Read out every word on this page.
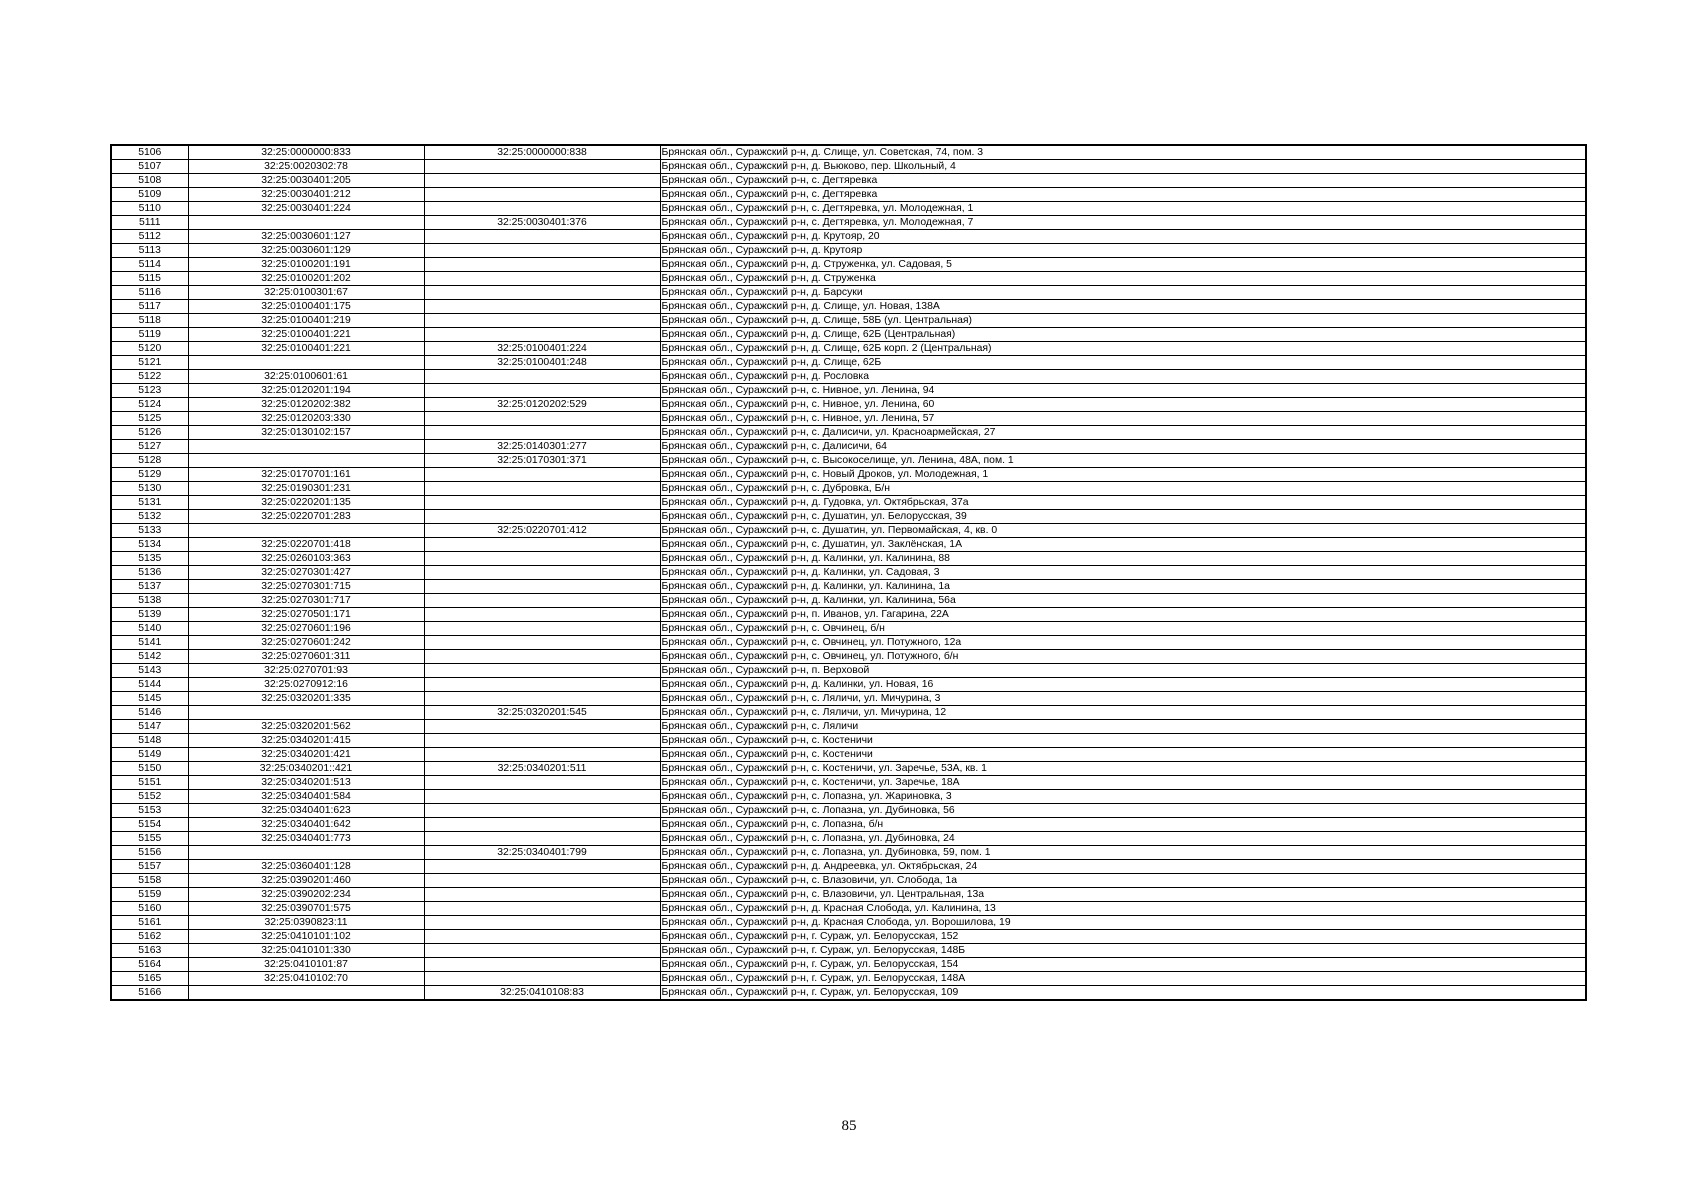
5106	32:25:0000000:833	32:25:0000000:838	Брянская обл., Суражский р-н, д. Слище, ул. Советская, 74, пом. 3
5107	32:25:0020302:78		Брянская обл., Суражский р-н, д. Вьюково, пер. Школьный, 4
5108	32:25:0030401:205		Брянская обл., Суражский р-н, с. Дегтяревка
5109	32:25:0030401:212		Брянская обл., Суражский р-н, с. Дегтяревка
5110	32:25:0030401:224		Брянская обл., Суражский р-н, с. Дегтяревка, ул. Молодежная, 1
5111		32:25:0030401:376	Брянская обл., Суражский р-н, с. Дегтяревка, ул. Молодежная, 7
5112	32:25:0030601:127		Брянская обл., Суражский р-н, д. Крутояр, 20
5113	32:25:0030601:129		Брянская обл., Суражский р-н, д. Крутояр
5114	32:25:0100201:191		Брянская обл., Суражский р-н, д. Струженка, ул. Садовая, 5
5115	32:25:0100201:202		Брянская обл., Суражский р-н, д. Струженка
5116	32:25:0100301:67		Брянская обл., Суражский р-н, д. Барсуки
5117	32:25:0100401:175		Брянская обл., Суражский р-н, д. Слище, ул. Новая, 138А
5118	32:25:0100401:219		Брянская обл., Суражский р-н, д. Слище, 58Б (ул. Центральная)
5119	32:25:0100401:221		Брянская обл., Суражский р-н, д. Слище, 62Б (Центральная)
5120	32:25:0100401:221	32:25:0100401:224	Брянская обл., Суражский р-н, д. Слище, 62Б корп. 2 (Центральная)
5121		32:25:0100401:248	Брянская обл., Суражский р-н, д. Слище, 62Б
5122	32:25:0100601:61		Брянская обл., Суражский р-н, д. Рословка
5123	32:25:0120201:194		Брянская обл., Суражский р-н, с. Нивное, ул. Ленина, 94
5124	32:25:0120202:382	32:25:0120202:529	Брянская обл., Суражский р-н, с. Нивное, ул. Ленина, 60
5125	32:25:0120203:330		Брянская обл., Суражский р-н, с. Нивное, ул. Ленина, 57
5126	32:25:0130102:157		Брянская обл., Суражский р-н, с. Далисичи, ул. Красноармейская, 27
5127		32:25:0140301:277	Брянская обл., Суражский р-н, с. Далисичи, 64
5128		32:25:0170301:371	Брянская обл., Суражский р-н, с. Высокоселище, ул. Ленина, 48А, пом. 1
5129	32:25:0170701:161		Брянская обл., Суражский р-н, с. Новый Дроков, ул. Молодежная, 1
5130	32:25:0190301:231		Брянская обл., Суражский р-н, с. Дубровка, Б/н
5131	32:25:0220201:135		Брянская обл., Суражский р-н, д. Гудовка, ул. Октябрьская, 37а
5132	32:25:0220701:283		Брянская обл., Суражский р-н, с. Душатин, ул. Белорусская, 39
5133		32:25:0220701:412	Брянская обл., Суражский р-н, с. Душатин, ул. Первомайская, 4, кв. 0
5134	32:25:0220701:418		Брянская обл., Суражский р-н, с. Душатин, ул. Заклёнская, 1А
5135	32:25:0260103:363		Брянская обл., Суражский р-н, д. Калинки, ул. Калинина, 88
5136	32:25:0270301:427		Брянская обл., Суражский р-н, д. Калинки, ул. Садовая, 3
5137	32:25:0270301:715		Брянская обл., Суражский р-н, д. Калинки, ул. Калинина, 1а
5138	32:25:0270301:717		Брянская обл., Суражский р-н, д. Калинки, ул. Калинина, 56а
5139	32:25:0270501:171		Брянская обл., Суражский р-н, п. Иванов, ул. Гагарина, 22А
5140	32:25:0270601:196		Брянская обл., Суражский р-н, с. Овчинец, б/н
5141	32:25:0270601:242		Брянская обл., Суражский р-н, с. Овчинец, ул. Потужного, 12а
5142	32:25:0270601:311		Брянская обл., Суражский р-н, с. Овчинец, ул. Потужного, б/н
5143	32:25:0270701:93		Брянская обл., Суражский р-н, п. Верховой
5144	32:25:0270912:16		Брянская обл., Суражский р-н, д. Калинки, ул. Новая, 16
5145	32:25:0320201:335		Брянская обл., Суражский р-н, с. Ляличи, ул. Мичурина, 3
5146		32:25:0320201:545	Брянская обл., Суражский р-н, с. Ляличи, ул. Мичурина, 12
5147	32:25:0320201:562		Брянская обл., Суражский р-н, с. Ляличи
5148	32:25:0340201:415		Брянская обл., Суражский р-н, с. Костеничи
5149	32:25:0340201:421		Брянская обл., Суражский р-н, с. Костеничи
5150	32:25:0340201::421	32:25:0340201:511	Брянская обл., Суражский р-н, с. Костеничи, ул. Заречье, 53А, кв. 1
5151	32:25:0340201:513		Брянская обл., Суражский р-н, с. Костеничи, ул. Заречье, 18А
5152	32:25:0340401:584		Брянская обл., Суражский р-н, с. Лопазна, ул. Жариновка, 3
5153	32:25:0340401:623		Брянская обл., Суражский р-н, с. Лопазна, ул. Дубиновка, 56
5154	32:25:0340401:642		Брянская обл., Суражский р-н, с. Лопазна, б/н
5155	32:25:0340401:773		Брянская обл., Суражский р-н, с. Лопазна, ул. Дубиновка, 24
5156		32:25:0340401:799	Брянская обл., Суражский р-н, с. Лопазна, ул. Дубиновка, 59, пом. 1
5157	32:25:0360401:128		Брянская обл., Суражский р-н, д. Андреевка, ул. Октябрьская, 24
5158	32:25:0390201:460		Брянская обл., Суражский р-н, с. Влазовичи, ул. Слобода, 1а
5159	32:25:0390202:234		Брянская обл., Суражский р-н, с. Влазовичи, ул. Центральная, 13а
5160	32:25:0390701:575		Брянская обл., Суражский р-н, д. Красная Слобода, ул. Калинина, 13
5161	32:25:0390823:11		Брянская обл., Суражский р-н, д. Красная Слобода, ул. Ворошилова, 19
5162	32:25:0410101:102		Брянская обл., Суражский р-н, г. Сураж, ул. Белорусская, 152
5163	32:25:0410101:330		Брянская обл., Суражский р-н, г. Сураж, ул. Белорусская, 148Б
5164	32:25:0410101:87		Брянская обл., Суражский р-н, г. Сураж, ул. Белорусская, 154
5165	32:25:0410102:70		Брянская обл., Суражский р-н, г. Сураж, ул. Белорусская, 148А
5166		32:25:0410108:83	Брянская обл., Суражский р-н, г. Сураж, ул. Белорусская, 109
85
